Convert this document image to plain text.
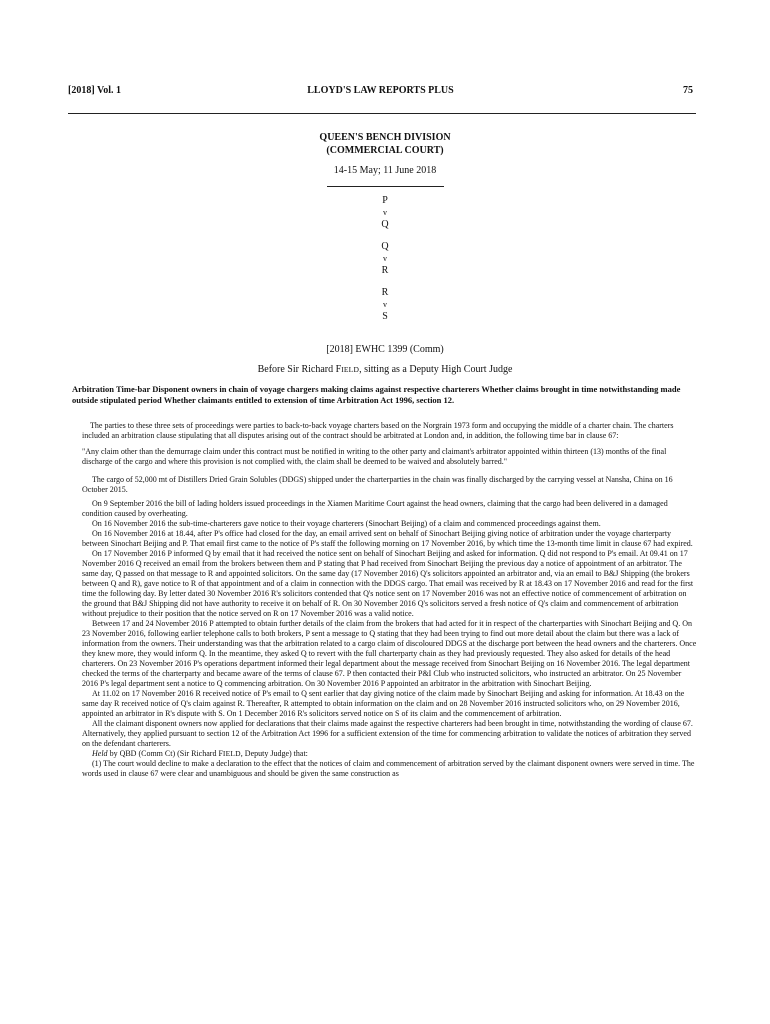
[2018] Vol. 1	LLOYD'S LAW REPORTS PLUS	75
QUEEN'S BENCH DIVISION
(COMMERCIAL COURT)
14-15 May; 11 June 2018
P
v
Q
Q
v
R
R
v
S
[2018] EWHC 1399 (Comm)
Before Sir Richard FIELD, sitting as a Deputy High Court Judge
Arbitration Time-bar Disponent owners in chain of voyage chargers making claims against respective charterers Whether claims brought in time notwithstanding made outside stipulated period Whether claimants entitled to extension of time Arbitration Act 1996, section 12.

The parties to these three sets of proceedings were parties to back-to-back voyage charters based on the Norgrain 1973 form and occupying the middle of a charter chain. The charters included an arbitration clause stipulating that all disputes arising out of the contract should be arbitrated at London and, in addition, the following time bar in clause 67:

"Any claim other than the demurrage claim under this contract must be notified in writing to the other party and claimant's arbitrator appointed within thirteen (13) months of the final discharge of the cargo and where this provision is not complied with, the claim shall be deemed to be waived and absolutely barred."

The cargo of 52,000 mt of Distillers Dried Grain Solubles (DDGS) shipped under the charterparties in the chain was finally discharged by the carrying vessel at Nansha, China on 16 October 2015.

On 9 September 2016 the bill of lading holders issued proceedings in the Xiamen Maritime Court against the head owners, claiming that the cargo had been delivered in a damaged condition caused by overheating.

On 16 November 2016 the sub-time-charterers gave notice to their voyage charterers (Sinochart Beijing) of a claim and commenced proceedings against them.

On 16 November 2016 at 18.44, after P's office had closed for the day, an email arrived sent on behalf of Sinochart Beijing giving notice of arbitration under the voyage charterparty between Sinochart Beijing and P. That email first came to the notice of P's staff the following morning on 17 November 2016, by which time the 13-month time limit in clause 67 had expired.

On 17 November 2016 P informed Q by email that it had received the notice sent on behalf of Sinochart Beijing and asked for information. Q did not respond to P's email. At 09.41 on 17 November 2016 Q received an email from the brokers between them and P stating that P had received from Sinochart Beijing the previous day a notice of appointment of an arbitrator. The same day, Q passed on that message to R and appointed solicitors. On the same day (17 November 2016) Q's solicitors appointed an arbitrator and, via an email to B&J Shipping (the brokers between Q and R), gave notice to R of that appointment and of a claim in connection with the DDGS cargo. That email was received by R at 18.43 on 17 November 2016 and read for the first time the following day. By letter dated 30 November 2016 R's solicitors contended that Q's notice sent on 17 November 2016 was not an effective notice of commencement of arbitration on the ground that B&J Shipping did not have authority to receive it on behalf of R. On 30 November 2016 Q's solicitors served a fresh notice of Q's claim and commencement of arbitration without prejudice to their position that the notice served on R on 17 November 2016 was a valid notice.

Between 17 and 24 November 2016 P attempted to obtain further details of the claim from the brokers that had acted for it in respect of the charterparties with Sinochart Beijing and Q. On 23 November 2016, following earlier telephone calls to both brokers, P sent a message to Q stating that they had been trying to find out more detail about the claim but there was a lack of information from the owners. Their understanding was that the arbitration related to a cargo claim of discoloured DDGS at the discharge port between the head owners and the charterers. Once they knew more, they would inform Q. In the meantime, they asked Q to revert with the full charterparty chain as they had previously requested. They also asked for details of the head charterers. On 23 November 2016 P's operations department informed their legal department about the message received from Sinochart Beijing on 16 November 2016. The legal department checked the terms of the charterparty and became aware of the terms of clause 67. P then contacted their P&I Club who instructed solicitors, who instructed an arbitrator. On 25 November 2016 P's legal department sent a notice to Q commencing arbitration. On 30 November 2016 P appointed an arbitrator in the arbitration with Sinochart Beijing.

At 11.02 on 17 November 2016 R received notice of P's email to Q sent earlier that day giving notice of the claim made by Sinochart Beijing and asking for information. At 18.43 on the same day R received notice of Q's claim against R. Thereafter, R attempted to obtain information on the claim and on 28 November 2016 instructed solicitors who, on 29 November 2016, appointed an arbitrator in R's dispute with S. On 1 December 2016 R's solicitors served notice on S of its claim and the commencement of arbitration.

All the claimant disponent owners now applied for declarations that their claims made against the respective charterers had been brought in time, notwithstanding the wording of clause 67. Alternatively, they applied pursuant to section 12 of the Arbitration Act 1996 for a sufficient extension of the time for commencing arbitration to validate the notices of arbitration they served on the defendant charterers.

Held by QBD (Comm Ct) (Sir Richard FIELD, Deputy Judge) that:

(1) The court would decline to make a declaration to the effect that the notices of claim and commencement of arbitration served by the claimant disponent owners were served in time. The words used in clause 67 were clear and unambiguous and should be given the same construction as
